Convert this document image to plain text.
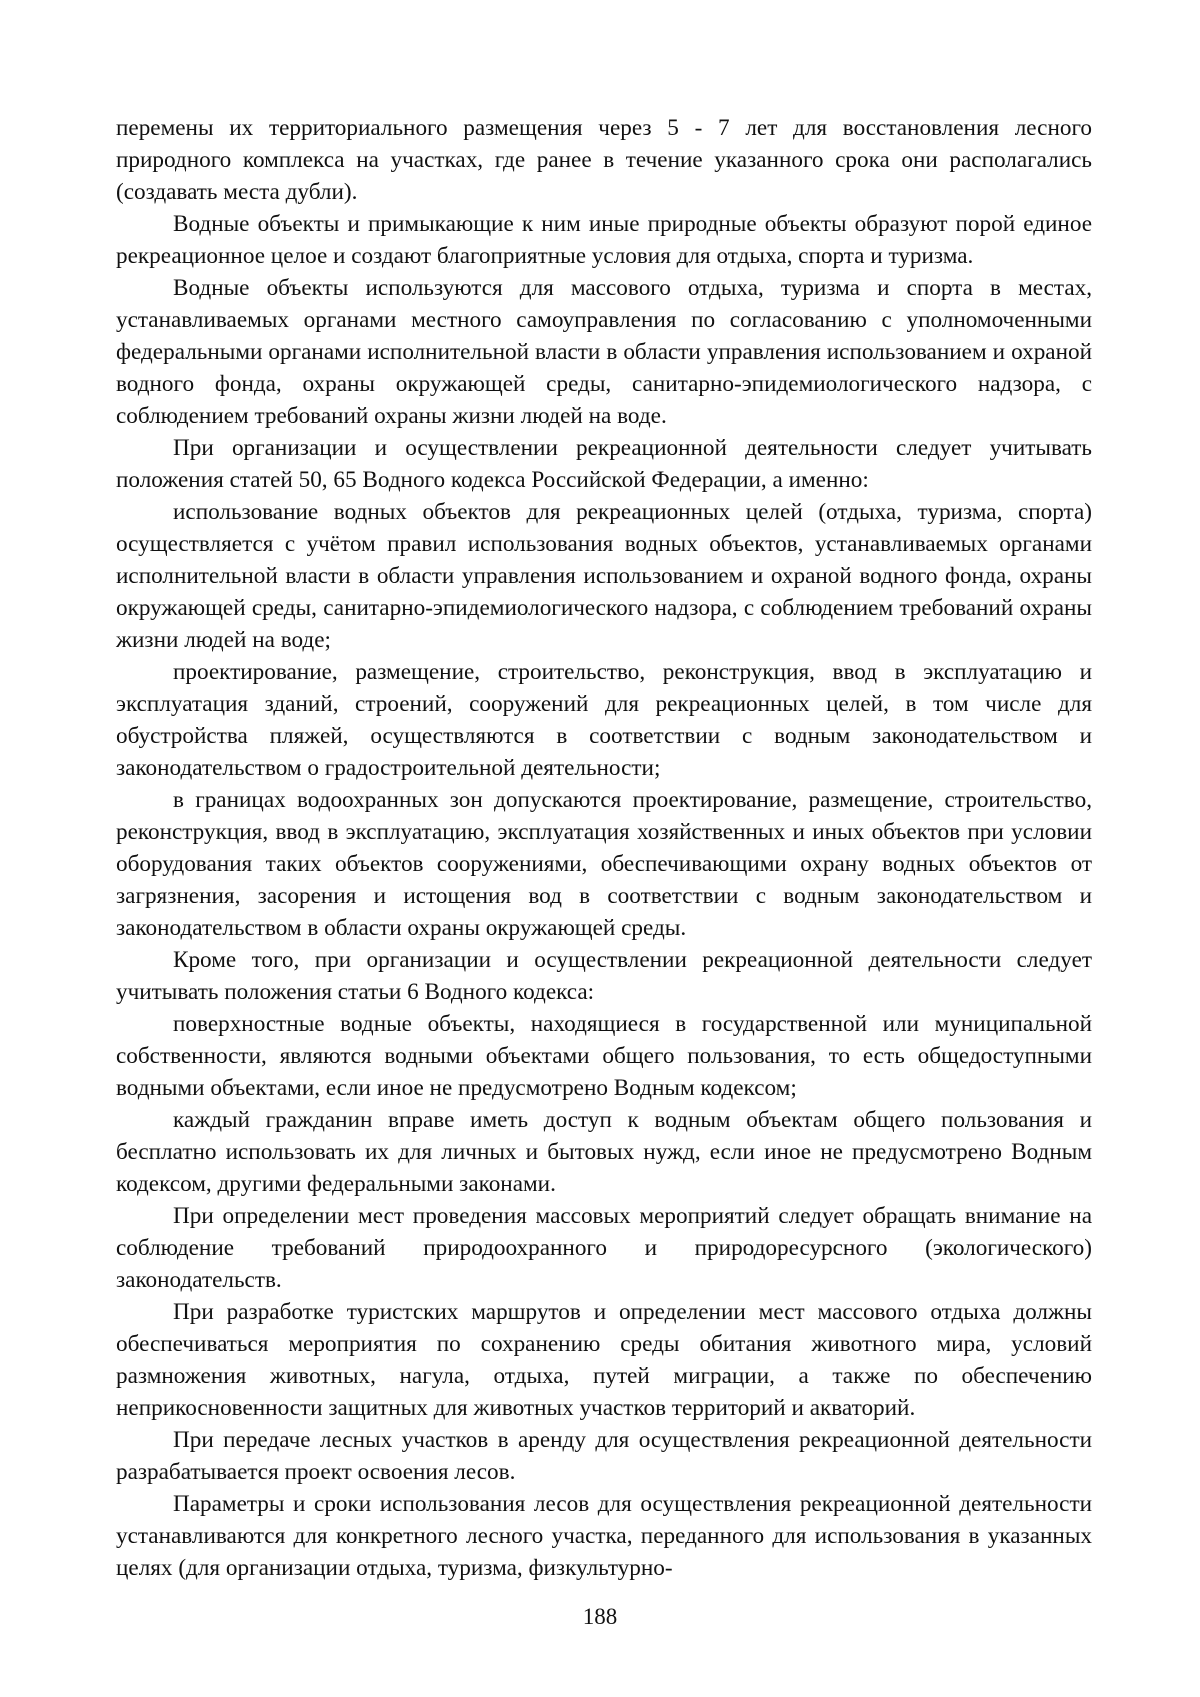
перемены их территориального размещения через 5 - 7 лет для восстановления лесного природного комплекса на участках, где ранее в течение указанного срока они располагались (создавать места дубли).

Водные объекты и примыкающие к ним иные природные объекты образуют порой единое рекреационное целое и создают благоприятные условия для отдыха, спорта и туризма.

Водные объекты используются для массового отдыха, туризма и спорта в местах, устанавливаемых органами местного самоуправления по согласованию с уполномоченными федеральными органами исполнительной власти в области управления использованием и охраной водного фонда, охраны окружающей среды, санитарно-эпидемиологического надзора, с соблюдением требований охраны жизни людей на воде.

При организации и осуществлении рекреационной деятельности следует учитывать положения статей 50, 65 Водного кодекса Российской Федерации, а именно:

использование водных объектов для рекреационных целей (отдыха, туризма, спорта) осуществляется с учётом правил использования водных объектов, устанавливаемых органами исполнительной власти в области управления использованием и охраной водного фонда, охраны окружающей среды, санитарно-эпидемиологического надзора, с соблюдением требований охраны жизни людей на воде;

проектирование, размещение, строительство, реконструкция, ввод в эксплуатацию и эксплуатация зданий, строений, сооружений для рекреационных целей, в том числе для обустройства пляжей, осуществляются в соответствии с водным законодательством и законодательством о градостроительной деятельности;

в границах водоохранных зон допускаются проектирование, размещение, строительство, реконструкция, ввод в эксплуатацию, эксплуатация хозяйственных и иных объектов при условии оборудования таких объектов сооружениями, обеспечивающими охрану водных объектов от загрязнения, засорения и истощения вод в соответствии с водным законодательством и законодательством в области охраны окружающей среды.

Кроме того, при организации и осуществлении рекреационной деятельности следует учитывать положения статьи 6 Водного кодекса:

поверхностные водные объекты, находящиеся в государственной или муниципальной собственности, являются водными объектами общего пользования, то есть общедоступными водными объектами, если иное не предусмотрено Водным кодексом;

каждый гражданин вправе иметь доступ к водным объектам общего пользования и бесплатно использовать их для личных и бытовых нужд, если иное не предусмотрено Водным кодексом, другими федеральными законами.

При определении мест проведения массовых мероприятий следует обращать внимание на соблюдение требований природоохранного и природоресурсного (экологического) законодательств.

При разработке туристских маршрутов и определении мест массового отдыха должны обеспечиваться мероприятия по сохранению среды обитания животного мира, условий размножения животных, нагула, отдыха, путей миграции, а также по обеспечению неприкосновенности защитных для животных участков территорий и акваторий.

При передаче лесных участков в аренду для осуществления рекреационной деятельности разрабатывается проект освоения лесов.

Параметры и сроки использования лесов для осуществления рекреационной деятельности устанавливаются для конкретного лесного участка, переданного для использования в указанных целях (для организации отдыха, туризма, физкультурно-

188
